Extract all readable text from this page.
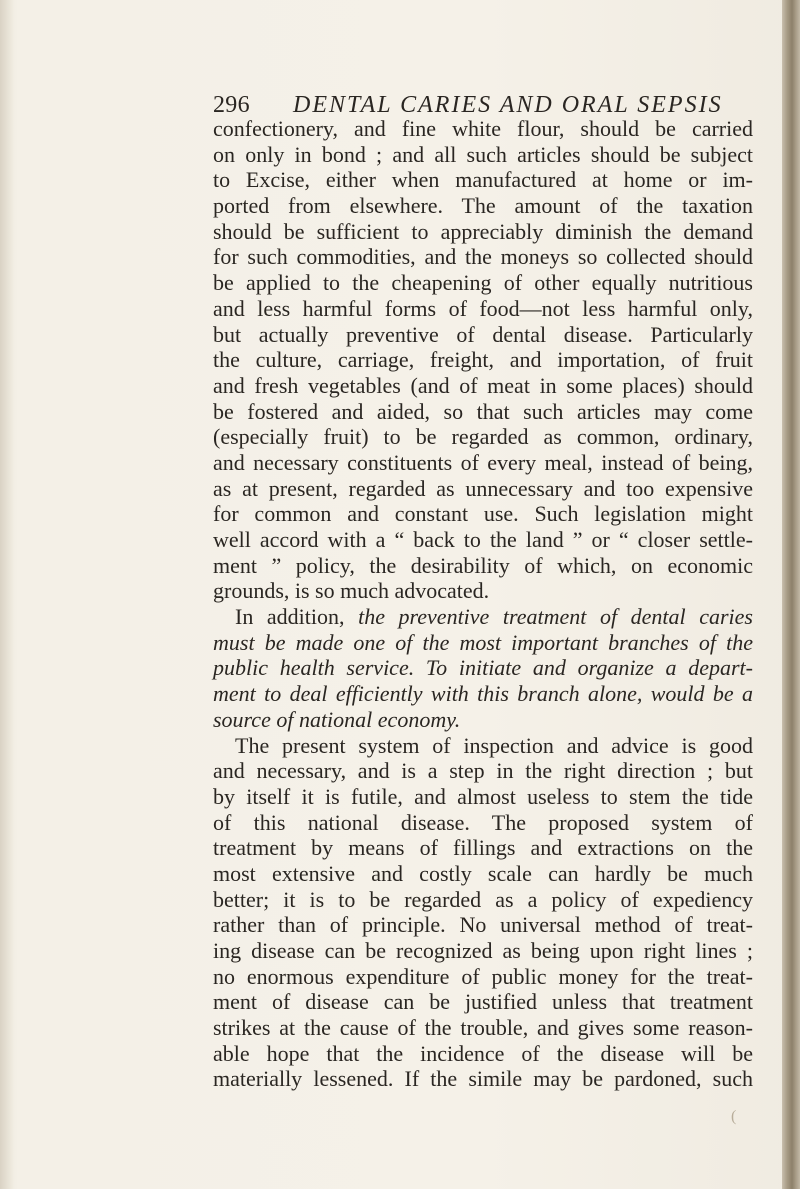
296 DENTAL CARIES AND ORAL SEPSIS
confectionery, and fine white flour, should be carried
on only in bond ; and all such articles should be subject
to Excise, either when manufactured at home or im-
ported from elsewhere. The amount of the taxation
should be sufficient to appreciably diminish the demand
for such commodities, and the moneys so collected should
be applied to the cheapening of other equally nutritious
and less harmful forms of food—not less harmful only,
but actually preventive of dental disease. Particularly
the culture, carriage, freight, and importation, of fruit
and fresh vegetables (and of meat in some places) should
be fostered and aided, so that such articles may come
(especially fruit) to be regarded as common, ordinary,
and necessary constituents of every meal, instead of being,
as at present, regarded as unnecessary and too expensive
for common and constant use. Such legislation might
well accord with a “ back to the land ” or “ closer settle-
ment ” policy, the desirability of which, on economic
grounds, is so much advocated.
In addition, the preventive treatment of dental caries
must be made one of the most important branches of the
public health service. To initiate and organize a depart-
ment to deal efficiently with this branch alone, would be a
source of national economy.
The present system of inspection and advice is good
and necessary, and is a step in the right direction ; but
by itself it is futile, and almost useless to stem the tide
of this national disease. The proposed system of
treatment by means of fillings and extractions on the
most extensive and costly scale can hardly be much
better; it is to be regarded as a policy of expediency
rather than of principle. No universal method of treat-
ing disease can be recognized as being upon right lines ;
no enormous expenditure of public money for the treat-
ment of disease can be justified unless that treatment
strikes at the cause of the trouble, and gives some reason-
able hope that the incidence of the disease will be
materially lessened. If the simile may be pardoned, such
(
